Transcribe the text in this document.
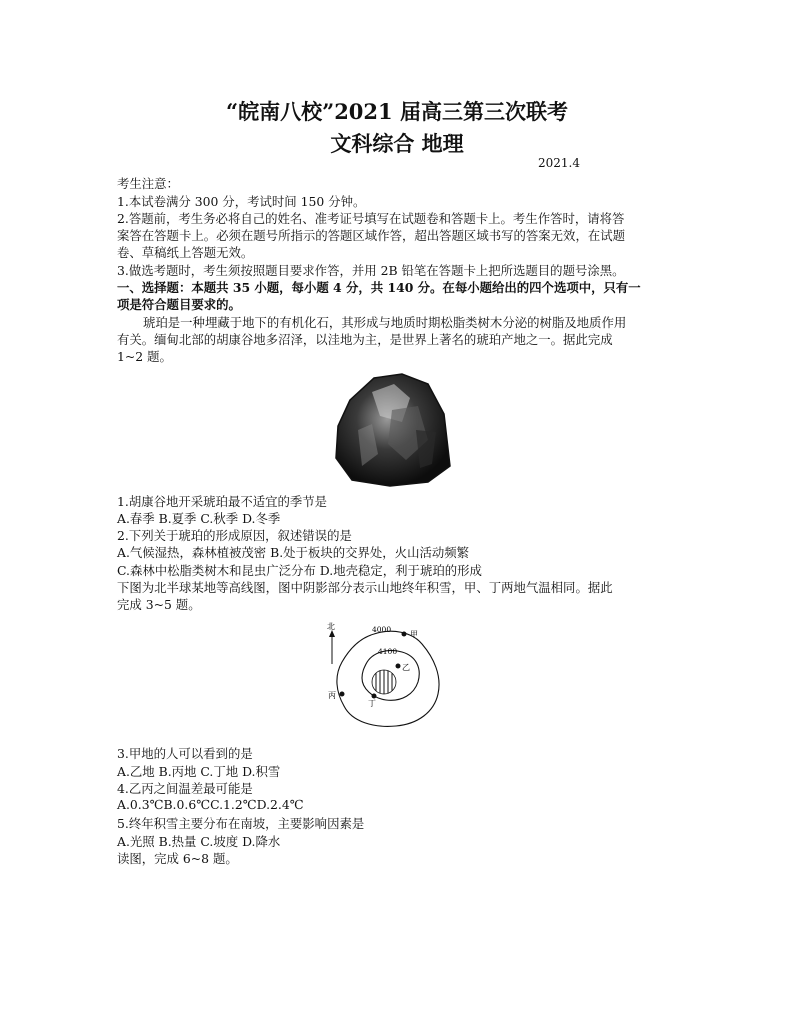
“皖南八校”2021 届高三第三次联考
文科综合 地理
2021.4
考生注意：
1.本试卷满分 300 分，考试时间 150 分钟。
2.答题前，考生务必将自己的姓名、准考证号填写在试题卷和答题卡上。考生作答时，请将答
案答在答题卡上。必须在题号所指示的答题区域作答，超出答题区域书写的答案无效，在试题
卷、草稿纸上答题无效。
3.做选考题时，考生须按照题目要求作答，并用 2B 铅笔在答题卡上把所选题目的题号涂黑。
一、选择题：本题共 35 小题，每小题 4 分，共 140 分。在每小题给出的四个选项中，只有一
项是符合题目要求的。
琥珀是一种埋藏于地下的有机化石，其形成与地质时期松脂类树木分泌的树脂及地质作用
有关。缅甸北部的胡康谷地多沼泽，以洼地为主，是世界上著名的琥珀产地之一。据此完成
1~2 题。
1.胡康谷地开采琥珀最不适宜的季节是
A.春季 B.夏季 C.秋季 D.冬季
2.下列关于琥珀的形成原因，叙述错误的是
A.气候湿热，森林植被茂密 B.处于板块的交界处，火山活动频繁
C.森林中松脂类树木和昆虫广泛分布 D.地壳稳定，利于琥珀的形成
下图为北半球某地等高线图，图中阴影部分表示山地终年积雪，甲、丁两地气温相同。据此
完成 3~5 题。
北	4000
4100
甲
乙
丙
丁
3.甲地的人可以看到的是
A.乙地 B.丙地 C.丁地 D.积雪
4.乙丙之间温差最可能是
A.0.3℃B.0.6℃C.1.2℃D.2.4℃
5.终年积雪主要分布在南坡，主要影响因素是
A.光照 B.热量 C.坡度 D.降水
读图，完成 6~8 题。
